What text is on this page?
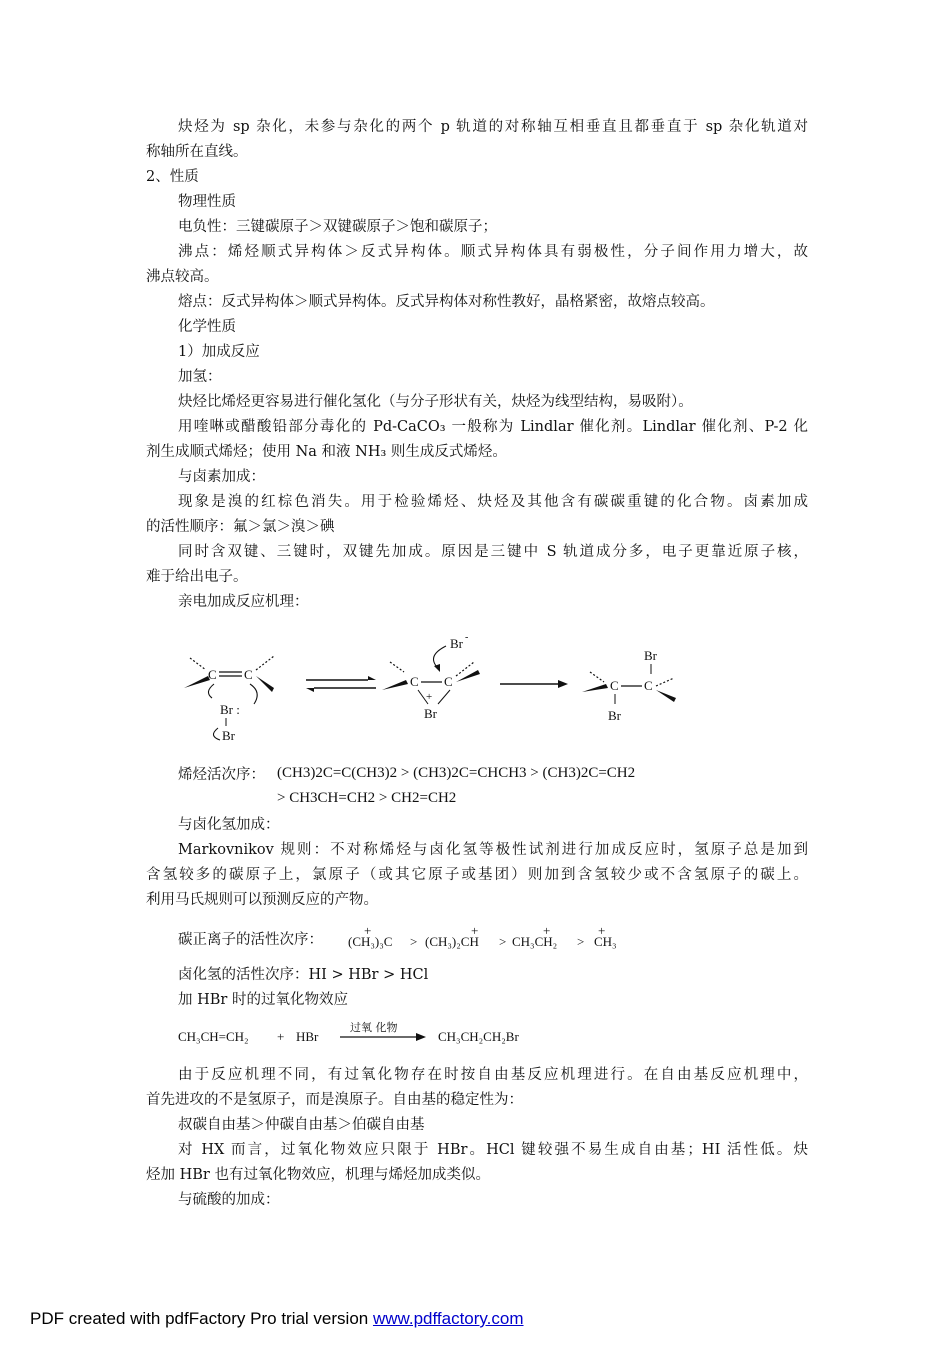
炔烃为 sp 杂化，未参与杂化的两个 p 轨道的对称轴互相垂直且都垂直于 sp 杂化轨道对
称轴所在直线。
2、性质
物理性质
电负性：三键碳原子＞双键碳原子＞饱和碳原子；
沸点：烯烃顺式异构体＞反式异构体。顺式异构体具有弱极性，分子间作用力增大，故
沸点较高。
熔点：反式异构体＞顺式异构体。反式异构体对称性教好，晶格紧密，故熔点较高。
化学性质
1）加成反应
加氢：
炔烃比烯烃更容易进行催化氢化（与分子形状有关，炔烃为线型结构，易吸附）。
用喹啉或醋酸铅部分毒化的 Pd-CaCO₃ 一般称为 Lindlar 催化剂。Lindlar 催化剂、P-2 化
剂生成顺式烯烃；使用 Na 和液 NH₃ 则生成反式烯烃。
与卤素加成：
现象是溴的红棕色消失。用于检验烯烃、炔烃及其他含有碳碳重键的化合物。卤素加成
的活性顺序：氟＞氯＞溴＞碘
同时含双键、三键时，双键先加成。原因是三键中 S 轨道成分多，电子更靠近原子核，
难于给出电子。
亲电加成反应机理：
C C
Br :
Br
Br -
C C
+
Br
Br
C C
Br
烯烃活次序： (CH3)2C=C(CH3)2 > (CH3)2C=CHCH3 > (CH3)2C=CH2
> CH3CH=CH2 > CH2=CH2
与卤化氢加成：
Markovnikov 规则：不对称烯烃与卤化氢等极性试剂进行加成反应时，氢原子总是加到
含氢较多的碳原子上，氯原子（或其它原子或基团）则加到含氢较少或不含氢原子的碳上。
利用马氏规则可以预测反应的产物。
碳正离子的活性次序：
+
(CH₃)₃C >
+
(CH₃)₂CH >
+
CH₃CH₂ >
+
CH₃
卤化氢的活性次序：HI > HBr > HCl
加 HBr 时的过氧化物效应
CH₃CH=CH₂ + HBr
过氧 化物
CH₃CH₂CH₂Br
由于反应机理不同，有过氧化物存在时按自由基反应机理进行。在自由基反应机理中，
首先进攻的不是氢原子，而是溴原子。自由基的稳定性为：
叔碳自由基＞仲碳自由基＞伯碳自由基
对 HX 而言，过氧化物效应只限于 HBr。HCl 键较强不易生成自由基；HI 活性低。炔
烃加 HBr 也有过氧化物效应，机理与烯烃加成类似。
与硫酸的加成：
PDF created with pdfFactory Pro trial version www.pdffactory.com
